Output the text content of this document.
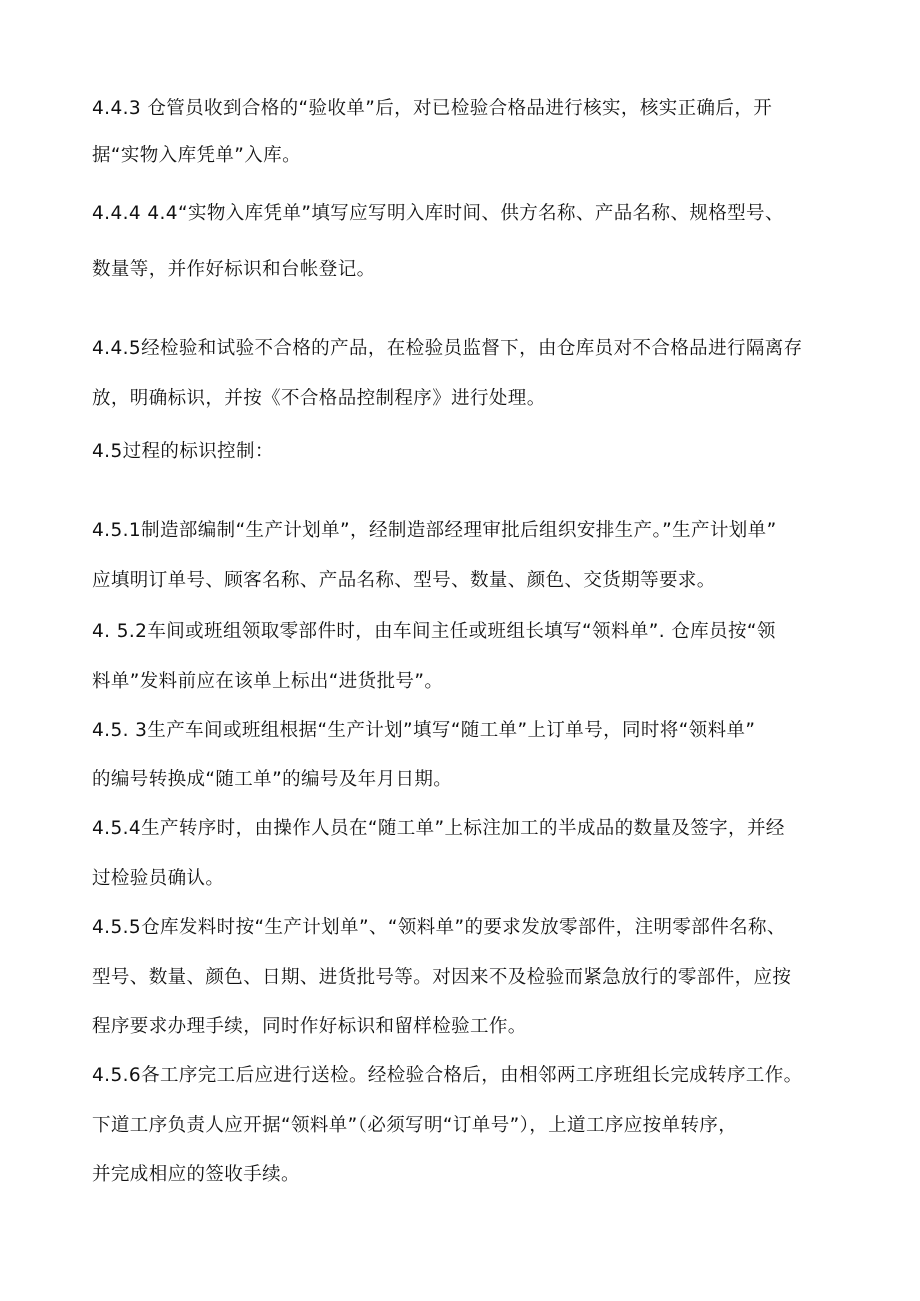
4.4.3 仓管员收到合格的“验收单”后，对已检验合格品进行核实，核实正确后，开
据“实物入库凭单”入库。
4.4.4 4.4“实物入库凭单”填写应写明入库时间、供方名称、产品名称、规格型号、
数量等，并作好标识和台帐登记。
4.4.5经检验和试验不合格的产品，在检验员监督下，由仓库员对不合格品进行隔离存
放，明确标识，并按《不合格品控制程序》进行处理。
4.5过程的标识控制：
4.5.1制造部编制“生产计划单”，经制造部经理审批后组织安排生产。”生产计划单”
应填明订单号、顾客名称、产品名称、型号、数量、颜色、交货期等要求。
4. 5.2车间或班组领取零部件时，由车间主任或班组长填写“领料单”. 仓库员按“领
料单”发料前应在该单上标出“进货批号”。
4.5. 3生产车间或班组根据“生产计划”填写“随工单”上订单号，同时将“领料单”
的编号转换成“随工单”的编号及年月日期。
4.5.4生产转序时，由操作人员在“随工单”上标注加工的半成品的数量及签字，并经
过检验员确认。
4.5.5仓库发料时按“生产计划单”、“领料单”的要求发放零部件，注明零部件名称、
型号、数量、颜色、日期、进货批号等。对因来不及检验而紧急放行的零部件，应按
程序要求办理手续，同时作好标识和留样检验工作。
4.5.6各工序完工后应进行送检。经检验合格后，由相邻两工序班组长完成转序工作。
下道工序负责人应开据“领料单”（必须写明“订单号”），上道工序应按单转序，
并完成相应的签收手续。
